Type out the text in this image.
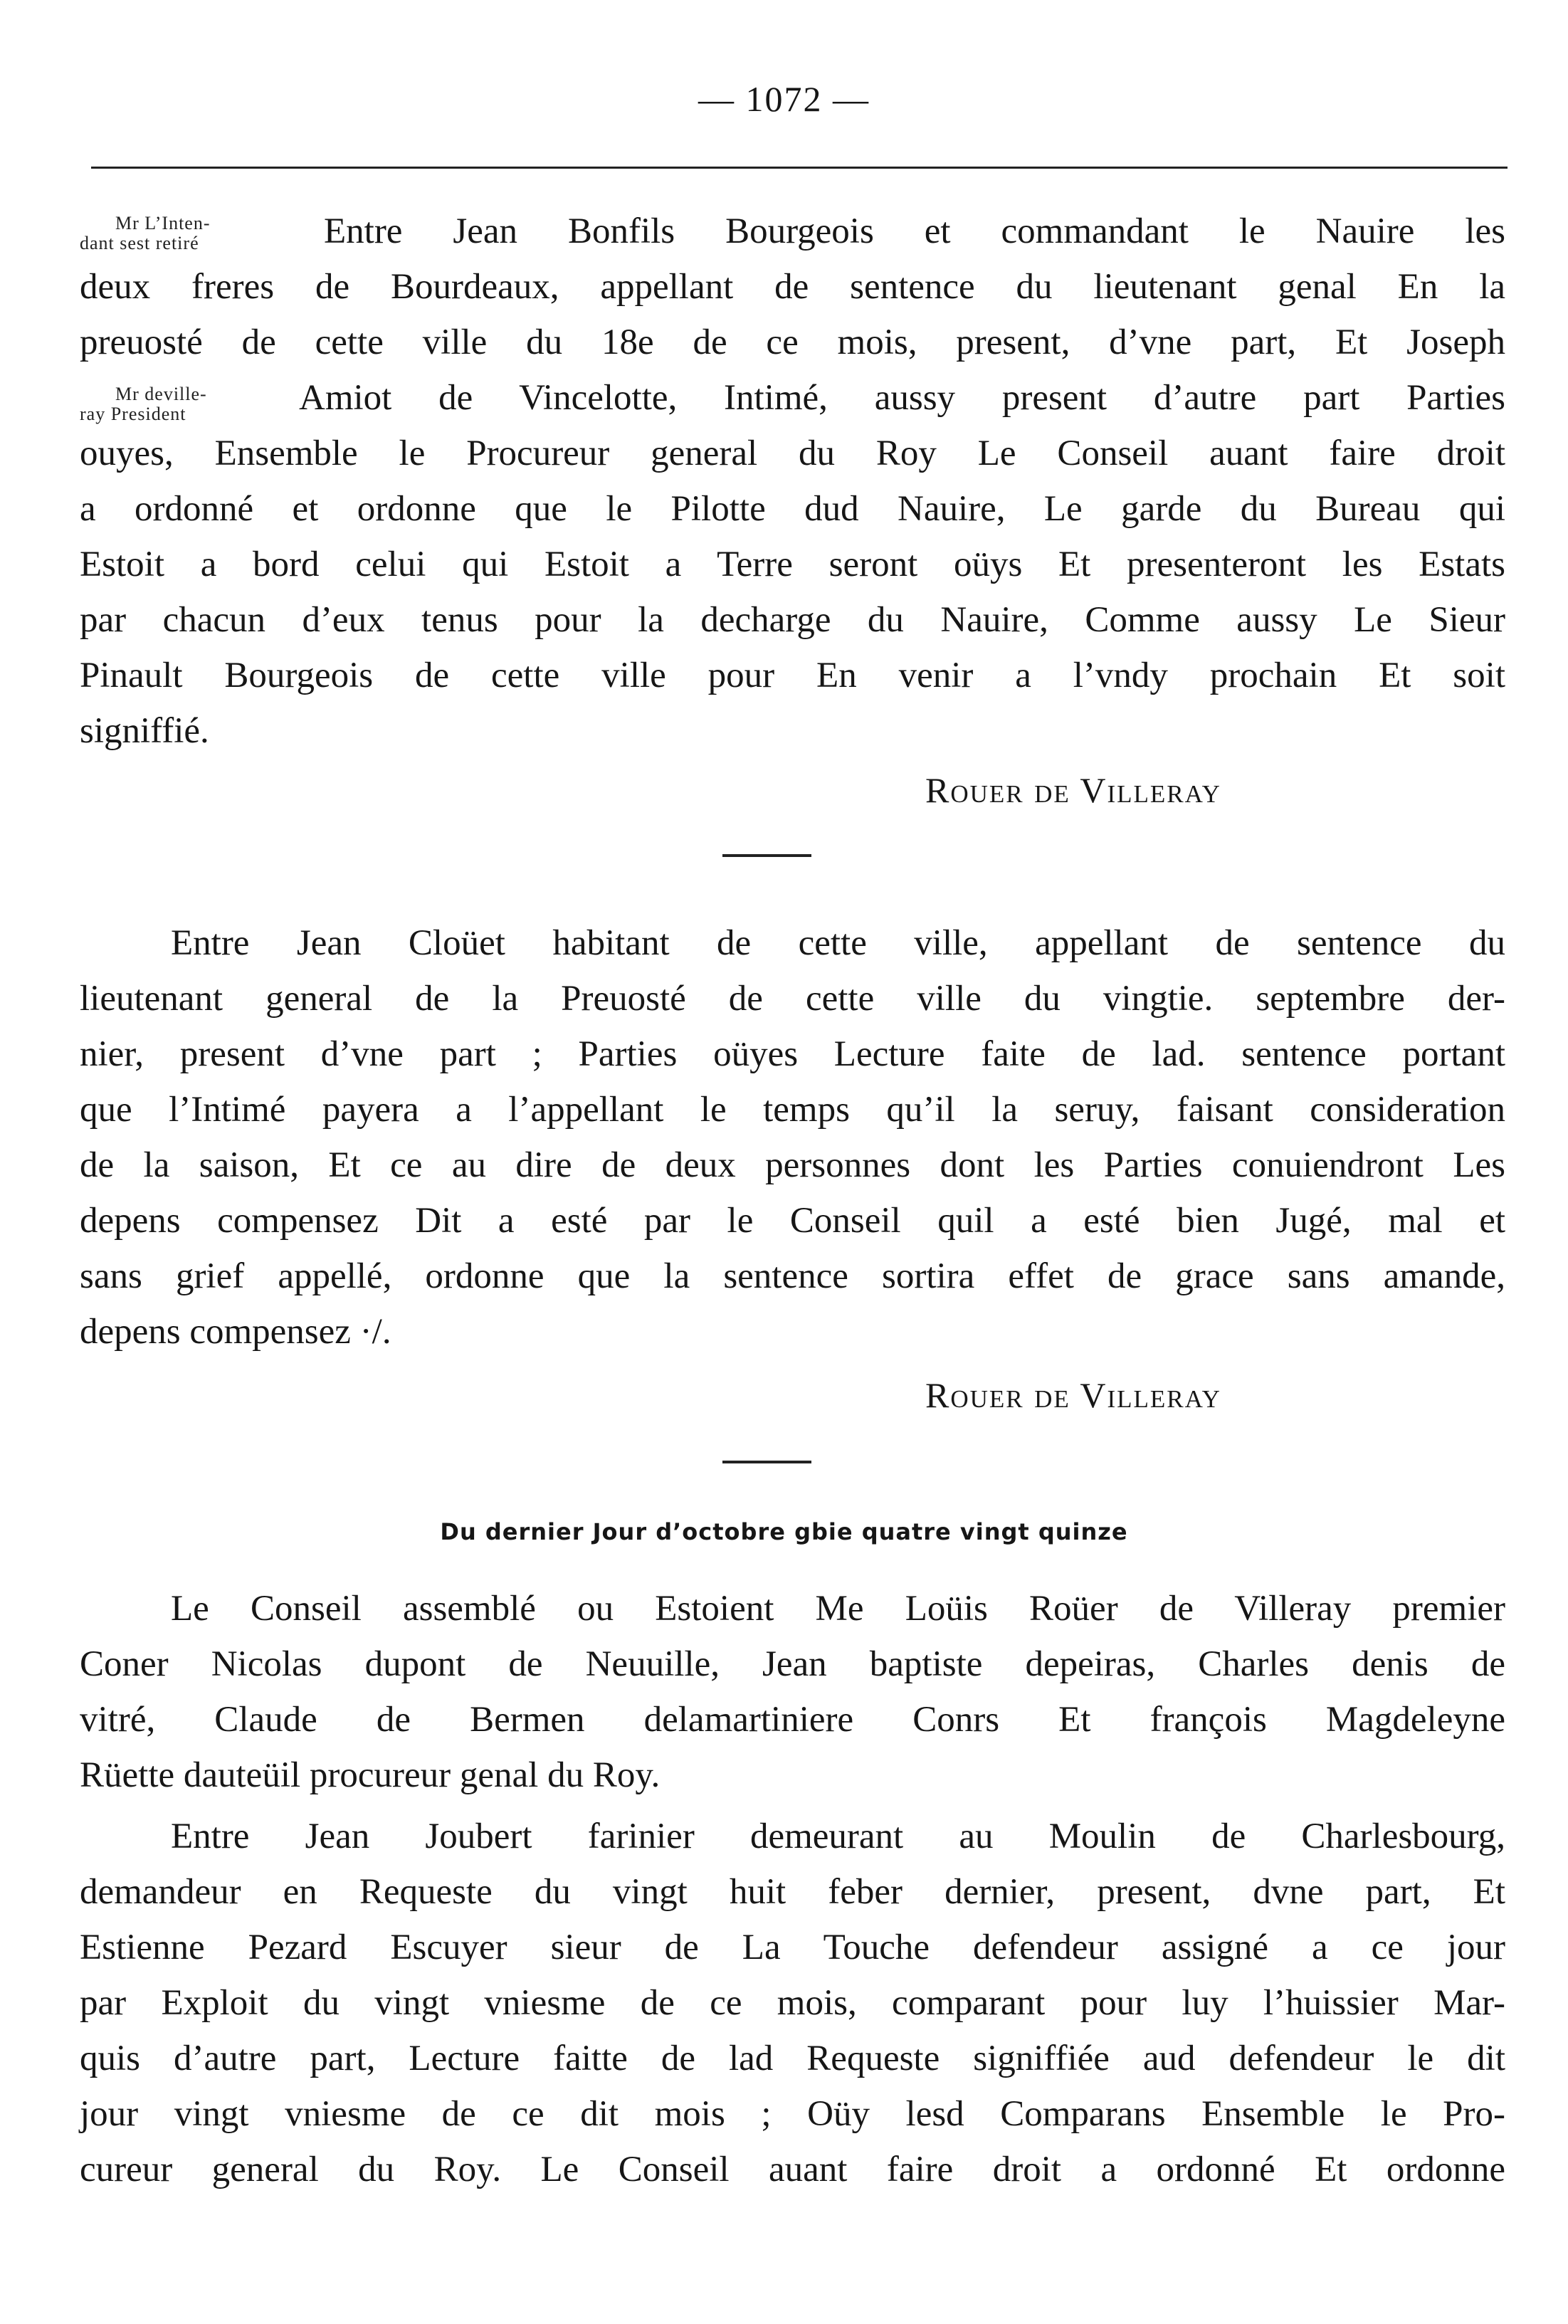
— 1072 —
Mr L’Inten-
dant sest retiré
Mr deville-
ray President
Entre Jean Bonfils Bourgeois et commandant le Nauire les
deux freres de Bourdeaux, appellant de sentence du lieutenant genal En la
preuosté de cette ville du 18e de ce mois, present, d’vne part, Et Joseph
Amiot de Vincelotte, Intimé, aussy present d’autre part Parties
ouyes, Ensemble le Procureur general du Roy Le Conseil auant faire droit
a ordonné et ordonne que le Pilotte dud Nauire, Le garde du Bureau qui
Estoit a bord celui qui Estoit a Terre seront oüys Et presenteront les Estats
par chacun d’eux tenus pour la decharge du Nauire, Comme aussy Le Sieur
Pinault Bourgeois de cette ville pour En venir a l’vndy prochain Et soit
signiffié.
Rouer de Villeray
Entre Jean Cloüet habitant de cette ville, appellant de sentence du
lieutenant general de la Preuosté de cette ville du vingtie. septembre der-
nier, present d’vne part ; Parties oüyes Lecture faite de lad. sentence portant
que l’Intimé payera a l’appellant le temps qu’il la seruy, faisant consideration
de la saison, Et ce au dire de deux personnes dont les Parties conuiendront Les
depens compensez Dit a esté par le Conseil quil a esté bien Jugé, mal et
sans grief appellé, ordonne que la sentence sortira effet de grace sans amande,
depens compensez ·/.
Rouer de Villeray
Du dernier Jour d’octobre gbie quatre vingt quinze
Le Conseil assemblé ou Estoient Me Loüis Roüer de Villeray premier
Coner Nicolas dupont de Neuuille, Jean baptiste depeiras, Charles denis de
vitré, Claude de Bermen delamartiniere Conrs Et françois Magdeleyne
Rüette dauteüil procureur genal du Roy.
Entre Jean Joubert farinier demeurant au Moulin de Charlesbourg,
demandeur en Requeste du vingt huit feber dernier, present, dvne part, Et
Estienne Pezard Escuyer sieur de La Touche defendeur assigné a ce jour
par Exploit du vingt vniesme de ce mois, comparant pour luy l’huissier Mar-
quis d’autre part, Lecture faitte de lad Requeste signiffiée aud defendeur le dit
jour vingt vniesme de ce dit mois ; Oüy lesd Comparans Ensemble le Pro-
cureur general du Roy. Le Conseil auant faire droit a ordonné Et ordonne
